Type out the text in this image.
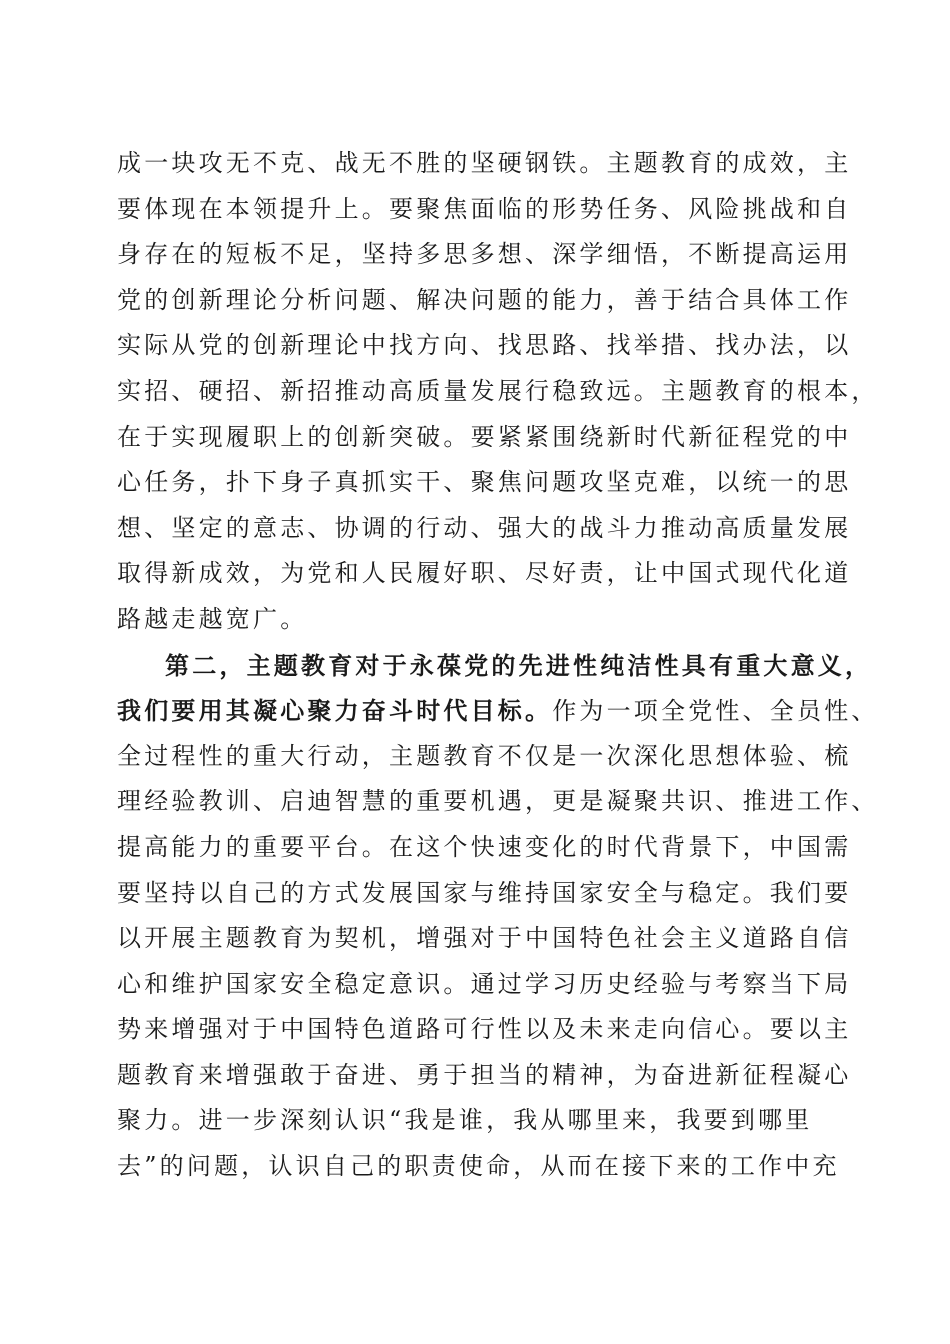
成一块攻无不克、战无不胜的坚硬钢铁。主题教育的成效，主
要体现在本领提升上。要聚焦面临的形势任务、风险挑战和自
身存在的短板不足，坚持多思多想、深学细悟，不断提高运用
党的创新理论分析问题、解决问题的能力，善于结合具体工作
实际从党的创新理论中找方向、找思路、找举措、找办法，以
实招、硬招、新招推动高质量发展行稳致远。主题教育的根本，
在于实现履职上的创新突破。要紧紧围绕新时代新征程党的中
心任务，扑下身子真抓实干、聚焦问题攻坚克难，以统一的思
想、坚定的意志、协调的行动、强大的战斗力推动高质量发展
取得新成效，为党和人民履好职、尽好责，让中国式现代化道
路越走越宽广。
第二，主题教育对于永葆党的先进性纯洁性具有重大意义，
我们要用其凝心聚力奋斗时代目标。作为一项全党性、全员性、
全过程性的重大行动，主题教育不仅是一次深化思想体验、梳
理经验教训、启迪智慧的重要机遇，更是凝聚共识、推进工作、
提高能力的重要平台。在这个快速变化的时代背景下，中国需
要坚持以自己的方式发展国家与维持国家安全与稳定。我们要
以开展主题教育为契机，增强对于中国特色社会主义道路自信
心和维护国家安全稳定意识。通过学习历史经验与考察当下局
势来增强对于中国特色道路可行性以及未来走向信心。要以主
题教育来增强敢于奋进、勇于担当的精神，为奋进新征程凝心
聚力。进一步深刻认识“我是谁，我从哪里来，我要到哪里
去”的问题，认识自己的职责使命，从而在接下来的工作中充
